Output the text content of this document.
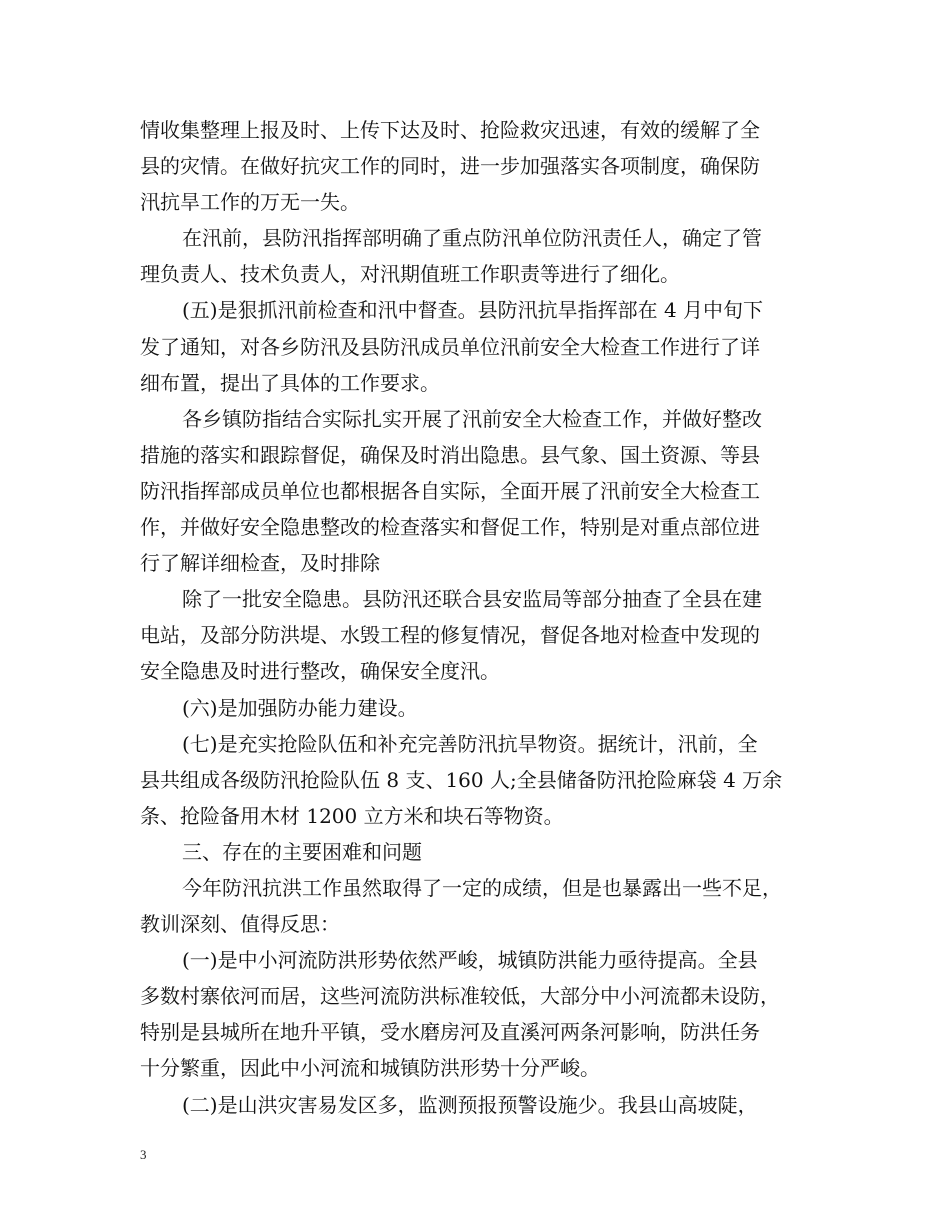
情收集整理上报及时、上传下达及时、抢险救灾迅速，有效的缓解了全
县的灾情。在做好抗灾工作的同时，进一步加强落实各项制度，确保防
汛抗旱工作的万无一失。

在汛前，县防汛指挥部明确了重点防汛单位防汛责任人，确定了管
理负责人、技术负责人，对汛期值班工作职责等进行了细化。

(五)是狠抓汛前检查和汛中督查。县防汛抗旱指挥部在 4 月中旬下
发了通知，对各乡防汛及县防汛成员单位汛前安全大检查工作进行了详
细布置，提出了具体的工作要求。

各乡镇防指结合实际扎实开展了汛前安全大检查工作，并做好整改
措施的落实和跟踪督促，确保及时消出隐患。县气象、国土资源、等县
防汛指挥部成员单位也都根据各自实际，全面开展了汛前安全大检查工
作，并做好安全隐患整改的检查落实和督促工作，特别是对重点部位进
行了解详细检查，及时排除

除了一批安全隐患。县防汛还联合县安监局等部分抽查了全县在建
电站，及部分防洪堤、水毁工程的修复情况，督促各地对检查中发现的
安全隐患及时进行整改，确保安全度汛。

(六)是加强防办能力建设。

(七)是充实抢险队伍和补充完善防汛抗旱物资。据统计，汛前，全
县共组成各级防汛抢险队伍 8 支、160 人;全县储备防汛抢险麻袋 4 万余
条、抢险备用木材 1200 立方米和块石等物资。

三、存在的主要困难和问题

今年防汛抗洪工作虽然取得了一定的成绩，但是也暴露出一些不足，
教训深刻、值得反思：

(一)是中小河流防洪形势依然严峻，城镇防洪能力亟待提高。全县
多数村寨依河而居，这些河流防洪标准较低，大部分中小河流都未设防，
特别是县城所在地升平镇，受水磨房河及直溪河两条河影响，防洪任务
十分繁重，因此中小河流和城镇防洪形势十分严峻。

(二)是山洪灾害易发区多，监测预报预警设施少。我县山高坡陡，

3
